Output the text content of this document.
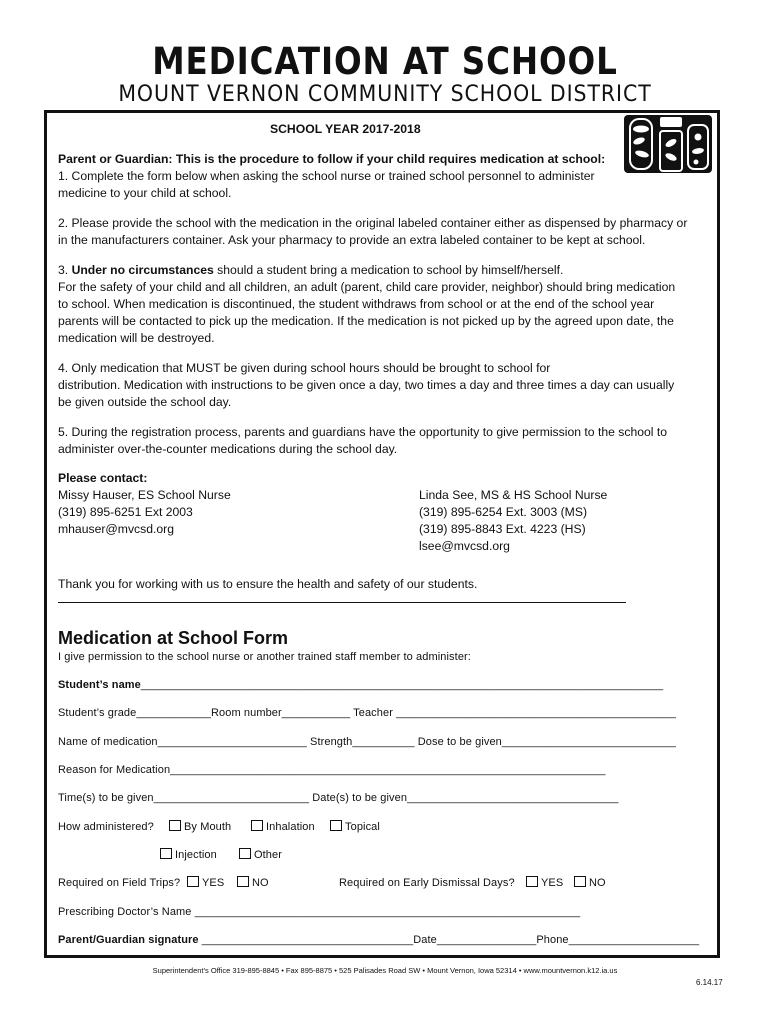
MEDICATION AT SCHOOL
MOUNT VERNON COMMUNITY SCHOOL DISTRICT
SCHOOL YEAR 2017-2018
Parent or Guardian: This is the procedure to follow if your child requires medication at school:
1. Complete the form below when asking the school nurse or trained school personnel to administer
medicine to your child at school.
2. Please provide the school with the medication in the original labeled container either as dispensed by pharmacy or
in the manufacturers container. Ask your pharmacy to provide an extra labeled container to be kept at school.
3. Under no circumstances should a student bring a medication to school by himself/herself.
For the safety of your child and all children, an adult (parent, child care provider, neighbor) should bring medication
to school. When medication is discontinued, the student withdraws from school or at the end of the school year
parents will be contacted to pick up the medication. If the medication is not picked up by the agreed upon date, the
medication will be destroyed.
4. Only medication that MUST be given during school hours should be brought to school for
distribution. Medication with instructions to be given once a day, two times a day and three times a day can usually
be given outside the school day.
5. During the registration process, parents and guardians have the opportunity to give permission to the school to
administer over-the-counter medications during the school day.
Please contact:
Missy Hauser, ES School Nurse
(319) 895-6251 Ext 2003
mhauser@mvcsd.org
Linda See, MS & HS School Nurse
(319) 895-6254 Ext. 3003 (MS)
(319) 895-8843 Ext. 4223 (HS)
lsee@mvcsd.org
Thank you for working with us to ensure the health and safety of our students.
Medication at School Form
I give permission to the school nurse or another trained staff member to administer:
Student’s name____________________________________________________________________________________
Student’s grade____________Room number___________ Teacher _____________________________________________
Name of medication________________________ Strength__________ Dose to be given____________________________
Reason for Medication______________________________________________________________________
Time(s) to be given_________________________ Date(s) to be given__________________________________
How administered?	By Mouth	Inhalation	Topical
Injection	Other
Required on Field Trips?	YES	NO	Required on Early Dismissal Days?	YES	NO
Prescribing Doctor’s Name ______________________________________________________________
Parent/Guardian signature __________________________________Date________________Phone_____________________
Superintendent’s Office 319-895-8845 • Fax 895-8875 • 525 Palisades Road SW • Mount Vernon, Iowa 52314 • www.mountvernon.k12.ia.us
6.14.17
